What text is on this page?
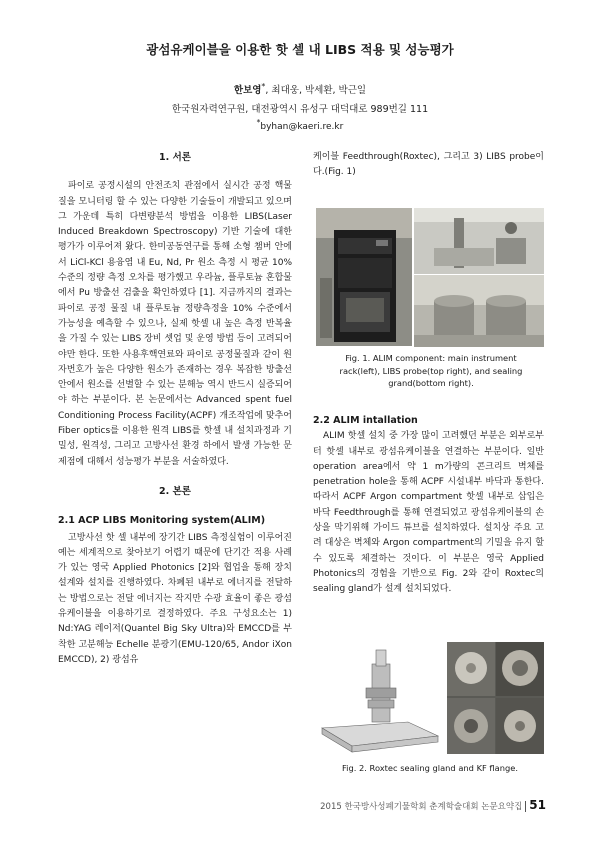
광섬유케이블을 이용한 핫 셀 내 LIBS 적용 및 성능평가
한보영*, 최대웅, 박세환, 박근일
한국원자력연구원, 대전광역시 유성구 대덕대로 989번길 111
*byhan@kaeri.re.kr
1. 서론

파이로 공정시설의 안전조치 관점에서 실시간 공정 핵물질을 모니터링 할 수 있는 다양한 기술들이 개발되고 있으며 그 가운데 특히 다변량분석 방법을 이용한 LIBS(Laser Induced Breakdown Spectroscopy) 기반 기술에 대한 평가가 이루어져 왔다. 한미공동연구를 통해 소형 챔버 안에서 LiCl-KCl 용융염 내 Eu, Nd, Pr 원소 측정 시 평균 10% 수준의 정량 측정 오차를 평가했고 우라늄, 플루토늄 혼합물에서 Pu 방출선 검출을 확인하였다 [1]. 지금까지의 결과는 파이로 공정 물질 내 플루토늄 정량측정을 10% 수준에서 가능성을 예측할 수 있으나, 실제 핫셀 내 높은 측정 반복율을 가질 수 있는 LIBS 장비 셋업 및 운영 방법 등이 고려되어야만 한다. 또한 사용후핵연료와 파이로 공정물질과 같이 원자번호가 높은 다양한 원소가 존재하는 경우 복잡한 방출선 안에서 원소를 선별할 수 있는 분해능 역시 반드시 실증되어야 하는 부분이다. 본 논문에서는 Advanced spent fuel Conditioning Process Facility(ACPF) 개조작업에 맞추어 Fiber optics를 이용한 원격 LIBS를 핫셀 내 설치과정과 기밀성, 원격성, 그리고 고방사선 환경 하에서 발생 가능한 문제점에 대해서 성능평가 부분을 서술하였다.

2. 본론
2.1 ACP LIBS Monitoring system(ALIM)

고방사선 핫 셀 내부에 장기간 LIBS 측정실험이 이루어진 예는 세계적으로 찾아보기 어렵기 때문에 단기간 적용 사례가 있는 영국 Applied Photonics [2]와 협업을 통해 장치 설계와 설치를 진행하였다. 차폐된 내부로 에너지를 전달하는 방법으로는 전달 에너지는 작지만 수광 효율이 좋은 광섬유케이블을 이용하기로 결정하였다. 주요 구성요소는 1) Nd:YAG 레이저(Quantel Big Sky Ultra)와 EMCCD를 부착한 고분해능 Echelle 분광기(EMU-120/65, Andor iXon EMCCD), 2) 광섬유

케이블 Feedthrough(Roxtec), 그리고 3) LIBS probe이다.(Fig. 1)
Fig. 1. ALIM component: main instrument rack(left), LIBS probe(top right), and sealing grand(bottom right).
2.2 ALIM intallation

ALIM 핫셀 설치 중 가장 많이 고려했던 부분은 외부로부터 핫셀 내부로 광섬유케이블을 연결하는 부분이다. 일반 operation area에서 약 1 m가량의 콘크리트 벽체를 penetration hole을 통해 ACPF 시설내부 바닥과 통한다. 따라서 ACPF Argon compartment 핫셀 내부로 삽입은 바닥 Feedthrough를 통해 연결되었고 광섬유케이블의 손상을 막기위해 가이드 튜브를 설치하였다. 설치상 주요 고려 대상은 벽체와 Argon compartment의 기밀을 유지 할 수 있도록 체결하는 것이다. 이 부분은 영국 Applied Photonics의 경험을 기반으로 Fig. 2와 같이 Roxtec의 sealing gland가 설계 설치되었다.

Fig. 2. Roxtec sealing gland and KF flange.
2015 한국방사성폐기물학회 춘계학술대회 논문요약집 51
